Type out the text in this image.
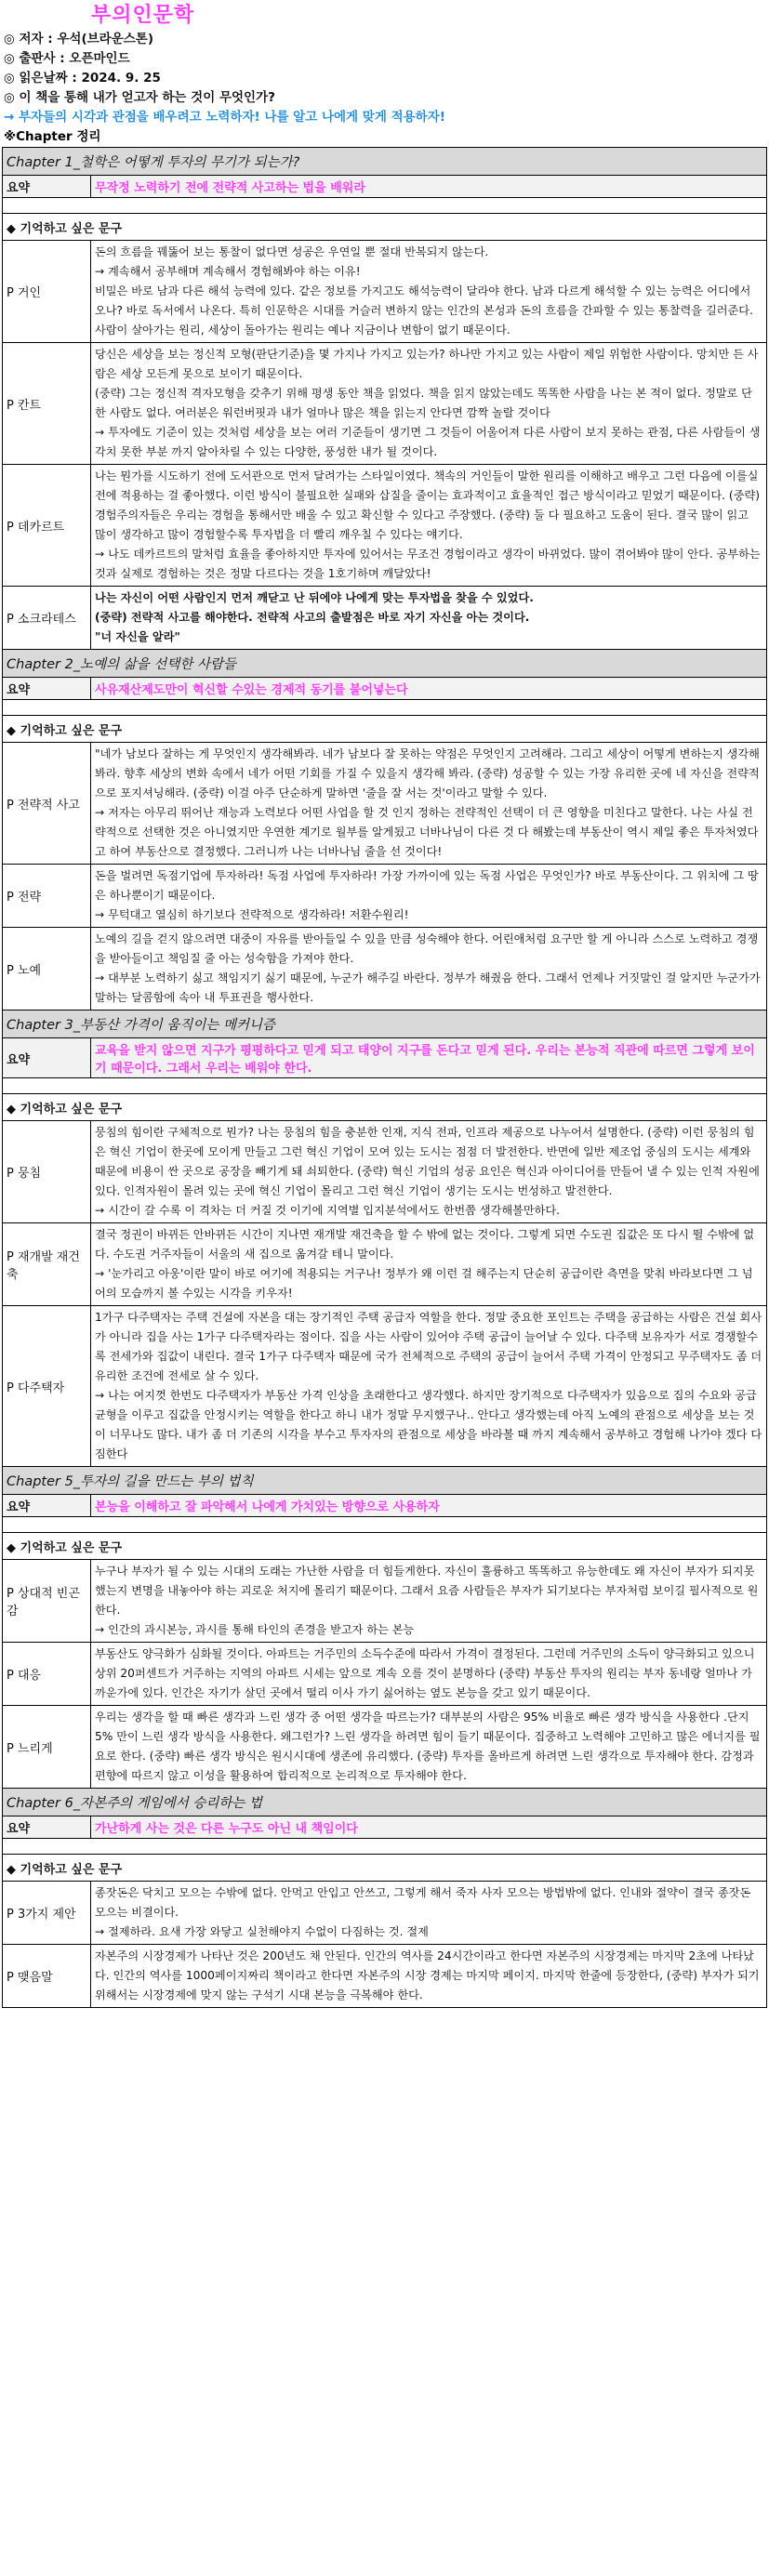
부의인문학
◎ 저자 : 우석(브라운스톤)
◎ 출판사 : 오픈마인드
◎ 읽은날짜 : 2024. 9. 25
◎ 이 책을 통해 내가 얻고자 하는 것이 무엇인가?
→ 부자들의 시각과 관점을 배우려고 노력하자! 나를 알고 나에게 맞게 적용하자!
※Chapter 정리
Chapter 1_철학은 어떻게 투자의 무기가 되는가?	
요약	무작정 노력하기 전에 전략적 사고하는 법을 배워라

◆ 기억하고 싶은 문구	
P 거인	돈의 흐름을 꿰뚫어 보는 통찰이 없다면 성공은 우연일 뿐 절대 반복되지 않는다.
→ 계속해서 공부해며 계속해서 경험해봐야 하는 이유!
비밀은 바로 남과 다른 해석 능력에 있다. 같은 정보를 가지고도 해석능력이 달라야 한다. 남과 다르게 해석할 수 있는 능력은 어디에서 오나? 바로 독서에서 나온다. 특히 인문학은 시대를 거슬러 변하지 않는 인간의 본성과 돈의 흐름을 간파할 수 있는 통찰력을 길러준다. 사람이 살아가는 원리, 세상이 돌아가는 원리는 예나 지금이나 변함이 없기 때문이다.
P 칸트	당신은 세상을 보는 정신적 모형(판단기준)을 몇 가지나 가지고 있는가? 하나만 가지고 있는 사람이 제일 위험한 사람이다. 망치만 든 사람은 세상 모든게 못으로 보이기 때문이다.
(중략) 그는 정신적 격자모형을 갖추기 위해 평생 동안 책을 읽었다. 책을 읽지 않았는데도 똑똑한 사람을 나는 본 적이 없다. 정말로 단 한 사람도 없다. 여러분은 워런버핏과 내가 얼마나 많은 책을 읽는지 안다면 깜짝 놀랄 것이다
→ 투자에도 기준이 있는 것처럼 세상을 보는 여러 기준들이 생기면 그 것들이 어울어져 다른 사람이 보지 못하는 관점, 다른 사람들이 생각치 못한 부분 까지 알아차릴 수 있는 다양한, 풍성한 내가 될 것이다.
P 데카르트	나는 뭔가를 시도하기 전에 도서관으로 먼저 달려가는 스타일이였다. 책속의 거인들이 말한 원리를 이해하고 배우고 그런 다음에 이를실전에 적용하는 걸 좋아했다. 이런 방식이 불필요한 실패와 삽질을 줄이는 효과적이고 효율적인 접근 방식이라고 믿었기 때문이다. (중략) 경험주의자들은 우리는 경험을 통해서만 배울 수 있고 확신할 수 있다고 주장했다. (중략) 둘 다 필요하고 도움이 된다. 결국 많이 읽고 많이 생각하고 많이 경험할수록 투자법을 더 빨리 깨우칠 수 있다는 얘기다.
→ 나도 데카르트의 말처럼 효율을 좋아하지만 투자에 있어서는 무조건 경험이라고 생각이 바뀌었다. 많이 겪어봐야 많이 안다. 공부하는 것과 실제로 경험하는 것은 정말 다르다는 것을 1호기하며 깨달았다!
P 소크라테스	나는 자신이 어떤 사람인지 먼저 깨닫고 난 뒤에야 나에게 맞는 투자법을 찾을 수 있었다.
(중략) 전략적 사고를 해야한다. 전략적 사고의 출발점은 바로 자기 자신을 아는 것이다.
"너 자신을 알라"
Chapter 2_노예의 삶을 선택한 사람들	
요약	사유재산제도만이 혁신할 수있는 경제적 동기를 불어넣는다

◆ 기억하고 싶은 문구	
P 전략적 사고	"네가 남보다 잘하는 게 무엇인지 생각해봐라. 네가 남보다 잘 못하는 약점은 무엇인지 고려해라. 그리고 세상이 어떻게 변하는지 생각해봐라. 향후 세상의 변화 속에서 네가 어떤 기회를 가질 수 있을지 생각해 봐라. (중략) 성공할 수 있는 가장 유리한 곳에 네 자신을 전략적으로 포지셔닝해라. (중략) 이걸 아주 단순하게 말하면 '줄을 잘 서는 것'이라고 말할 수 있다.
→ 저자는 아무리 뛰어난 재능과 노력보다 어떤 사업을 할 것 인지 정하는 전략적인 선택이 더 큰 영향을 미친다고 말한다. 나는 사실 전략적으로 선택한 것은 아니였지만 우연한 계기로 월부를 알게됬고 너바나님이 다른 것 다 해봤는데 부동산이 역시 제일 좋은 투자처였다고 하여 부동산으로 결정했다. 그러니까 나는 너바나님 줄을 선 것이다!
P 전략	돈을 벌려면 독점기업에 투자하라! 독점 사업에 투자하라! 가장 가까이에 있는 독점 사업은 무엇인가? 바로 부동산이다. 그 위치에 그 땅은 하나뿐이기 때문이다.
→ 무턱대고 열심히 하기보다 전략적으로 생각하라! 저환수원리!
P 노예	노예의 길을 걷지 않으려면 대중이 자유를 받아들일 수 있을 만큼 성숙해야 한다. 어린애처럼 요구만 할 게 아니라 스스로 노력하고 경쟁을 받아들이고 책임질 줄 아는 성숙함을 가져야 한다.
→ 대부분 노력하기 싫고 책임지기 싫기 때문에, 누군가 해주길 바란다. 정부가 해줬음 한다. 그래서 언제나 거짓말인 걸 알지만 누군가가 말하는 달콤함에 속아 내 투표권을 행사한다.
Chapter 3_부동산 가격이 움직이는 메커니즘	
요약	교육을 받지 않으면 지구가 평평하다고 믿게 되고 태양이 지구를 돈다고 믿게 된다. 우리는 본능적 직관에 따르면 그렇게 보이기 때문이다. 그래서 우리는 배워야 한다.

◆ 기억하고 싶은 문구	
P 뭉침	뭉침의 힘이란 구체적으로 뭔가? 나는 뭉침의 힘을 충분한 인재, 지식 전파, 인프라 제공으로 나누어서 설명한다. (중략) 이런 뭉침의 힘은 혁신 기업이 한곳에 모이게 만들고 그런 혁신 기업이 모여 있는 도시는 점점 더 발전한다. 반면에 일반 제조업 중심의 도시는 세계와 때문에 비용이 싼 곳으로 공장을 빼기게 돼 쇠퇴한다. (중략) 혁신 기업의 성공 요인은 혁신과 아이디어를 만들어 낼 수 있는 인적 자원에 있다. 인적자원이 몰려 있는 곳에 혁신 기업이 몰리고 그런 혁신 기업이 생기는 도시는 번성하고 발전한다.
→ 시간이 갈 수록 이 격차는 더 커질 것 이기에 지역별 입지분석에서도 한번쯤 생각해볼만하다.
P 재개발 재건축	결국 정권이 바뀌든 안바뀌든 시간이 지나면 재개발 재건축을 할 수 밖에 없는 것이다. 그렇게 되면 수도권 집값은 또 다시 뛸 수밖에 없다. 수도권 거주자들이 서울의 새 집으로 옮겨갈 테니 말이다.
→ '눈가리고 아웅'이란 말이 바로 여기에 적용되는 거구나! 정부가 왜 이런 걸 해주는지 단순히 공급이란 측면을 맞춰 바라보다면 그 넘어의 모습까지 볼 수있는 시각을 키우자!
P 다주택자	1가구 다주택자는 주택 건설에 자본을 대는 장기적인 주택 공급자 역할을 한다. 정말 중요한 포인트는 주택을 공급하는 사람은 건설 회사가 아니라 집을 사는 1가구 다주택자라는 점이다. 집을 사는 사람이 있어야 주택 공급이 늘어날 수 있다. 다주택 보유자가 서로 경쟁할수록 전세가와 집값이 내린다. 결국 1가구 다주택자 때문에 국가 전체적으로 주택의 공급이 늘어서 주택 가격이 안정되고 무주택자도 좀 더 유리한 조건에 전세로 살 수 있다.
→ 나는 여지껏 한번도 다주택자가 부동산 가격 인상을 초래한다고 생각했다. 하지만 장기적으로 다주택자가 있음으로 집의 수요와 공급 균형을 이루고 집값을 안정시키는 역할을 한다고 하니 내가 정말 무지했구나.. 안다고 생각했는데 아직 노예의 관점으로 세상을 보는 것이 너무나도 많다. 내가 좀 더 기존의 시각을 부수고 투자자의 관점으로 세상을 바라볼 때 까지 계속해서 공부하고 경험해 나가야 겠다 다짐한다
Chapter 5_투자의 길을 만드는 부의 법칙	
요약	본능을 이해하고 잘 파악해서 나에게 가치있는 방향으로 사용하자

◆ 기억하고 싶은 문구	
P 상대적 빈곤감	누구나 부자가 될 수 있는 시대의 도래는 가난한 사람을 더 힘들게한다. 자신이 훌륭하고 똑똑하고 유능한데도 왜 자신이 부자가 되지못했는지 변명을 내놓아야 하는 괴로운 처지에 몰리기 때문이다. 그래서 요즘 사람들은 부자가 되기보다는 부자처럼 보이길 필사적으로 원한다.
→ 인간의 과시본능, 과시를 통해 타인의 존경을 받고자 하는 본능
P 대응	부동산도 양극화가 심화될 것이다. 아파트는 거주민의 소득수준에 따라서 가격이 결정된다. 그런데 거주민의 소득이 양극화되고 있으니 상위 20퍼센트가 거주하는 지역의 아파트 시세는 앞으로 계속 오를 것이 분명하다 (중략) 부동산 투자의 원리는 부자 동네랑 얼마나 가까운가에 있다. 인간은 자기가 살던 곳에서 떨리 이사 가기 싫어하는 옆도 본능을 갖고 있기 때문이다.
P 느리게	우리는 생각을 할 때 빠른 생각과 느린 생각 중 어떤 생각을 따르는가? 대부분의 사람은 95% 비율로 빠른 생각 방식을 사용한다 .단지 5% 만이 느린 생각 방식을 사용한다. 왜그런가? 느린 생각을 하려면 힘이 들기 때문이다. 집중하고 노력해야 고민하고 많은 에너지를 필요로 한다. (중략) 빠른 생각 방식은 원시시대에 생존에 유리했다. (중략) 투자를 올바르게 하려면 느린 생각으로 투자해야 한다. 감정과 편향에 따르지 않고 이성을 활용하여 합리적으로 논리적으로 투자해야 한다.
Chapter 6_자본주의 게임에서 승리하는 법	
요약	가난하게 사는 것은 다른 누구도 아닌 내 책임이다

◆ 기억하고 싶은 문구	
P 3가지 제안	종잣돈은 닥치고 모으는 수밖에 없다. 안먹고 안입고 안쓰고, 그렇게 해서 죽자 사자 모으는 방법밖에 없다. 인내와 절약이 결국 종잣돈 모으는 비결이다.
→ 절제하라. 요새 가장 와닿고 실천해야지 수없이 다짐하는 것. 절제
P 맺음말	자본주의 시장경제가 나타난 것은 200년도 채 안된다. 인간의 역사를 24시간이라고 한다면 자본주의 시장경제는 마지막 2초에 나타났다. 인간의 역사를 1000페이지짜리 책이라고 한다면 자본주의 시장 경제는 마지막 페이지. 마지막 한줄에 등장한다, (중략) 부자가 되기 위해서는 시장경제에 맞지 않는 구석기 시대 본능을 극복해야 한다.
